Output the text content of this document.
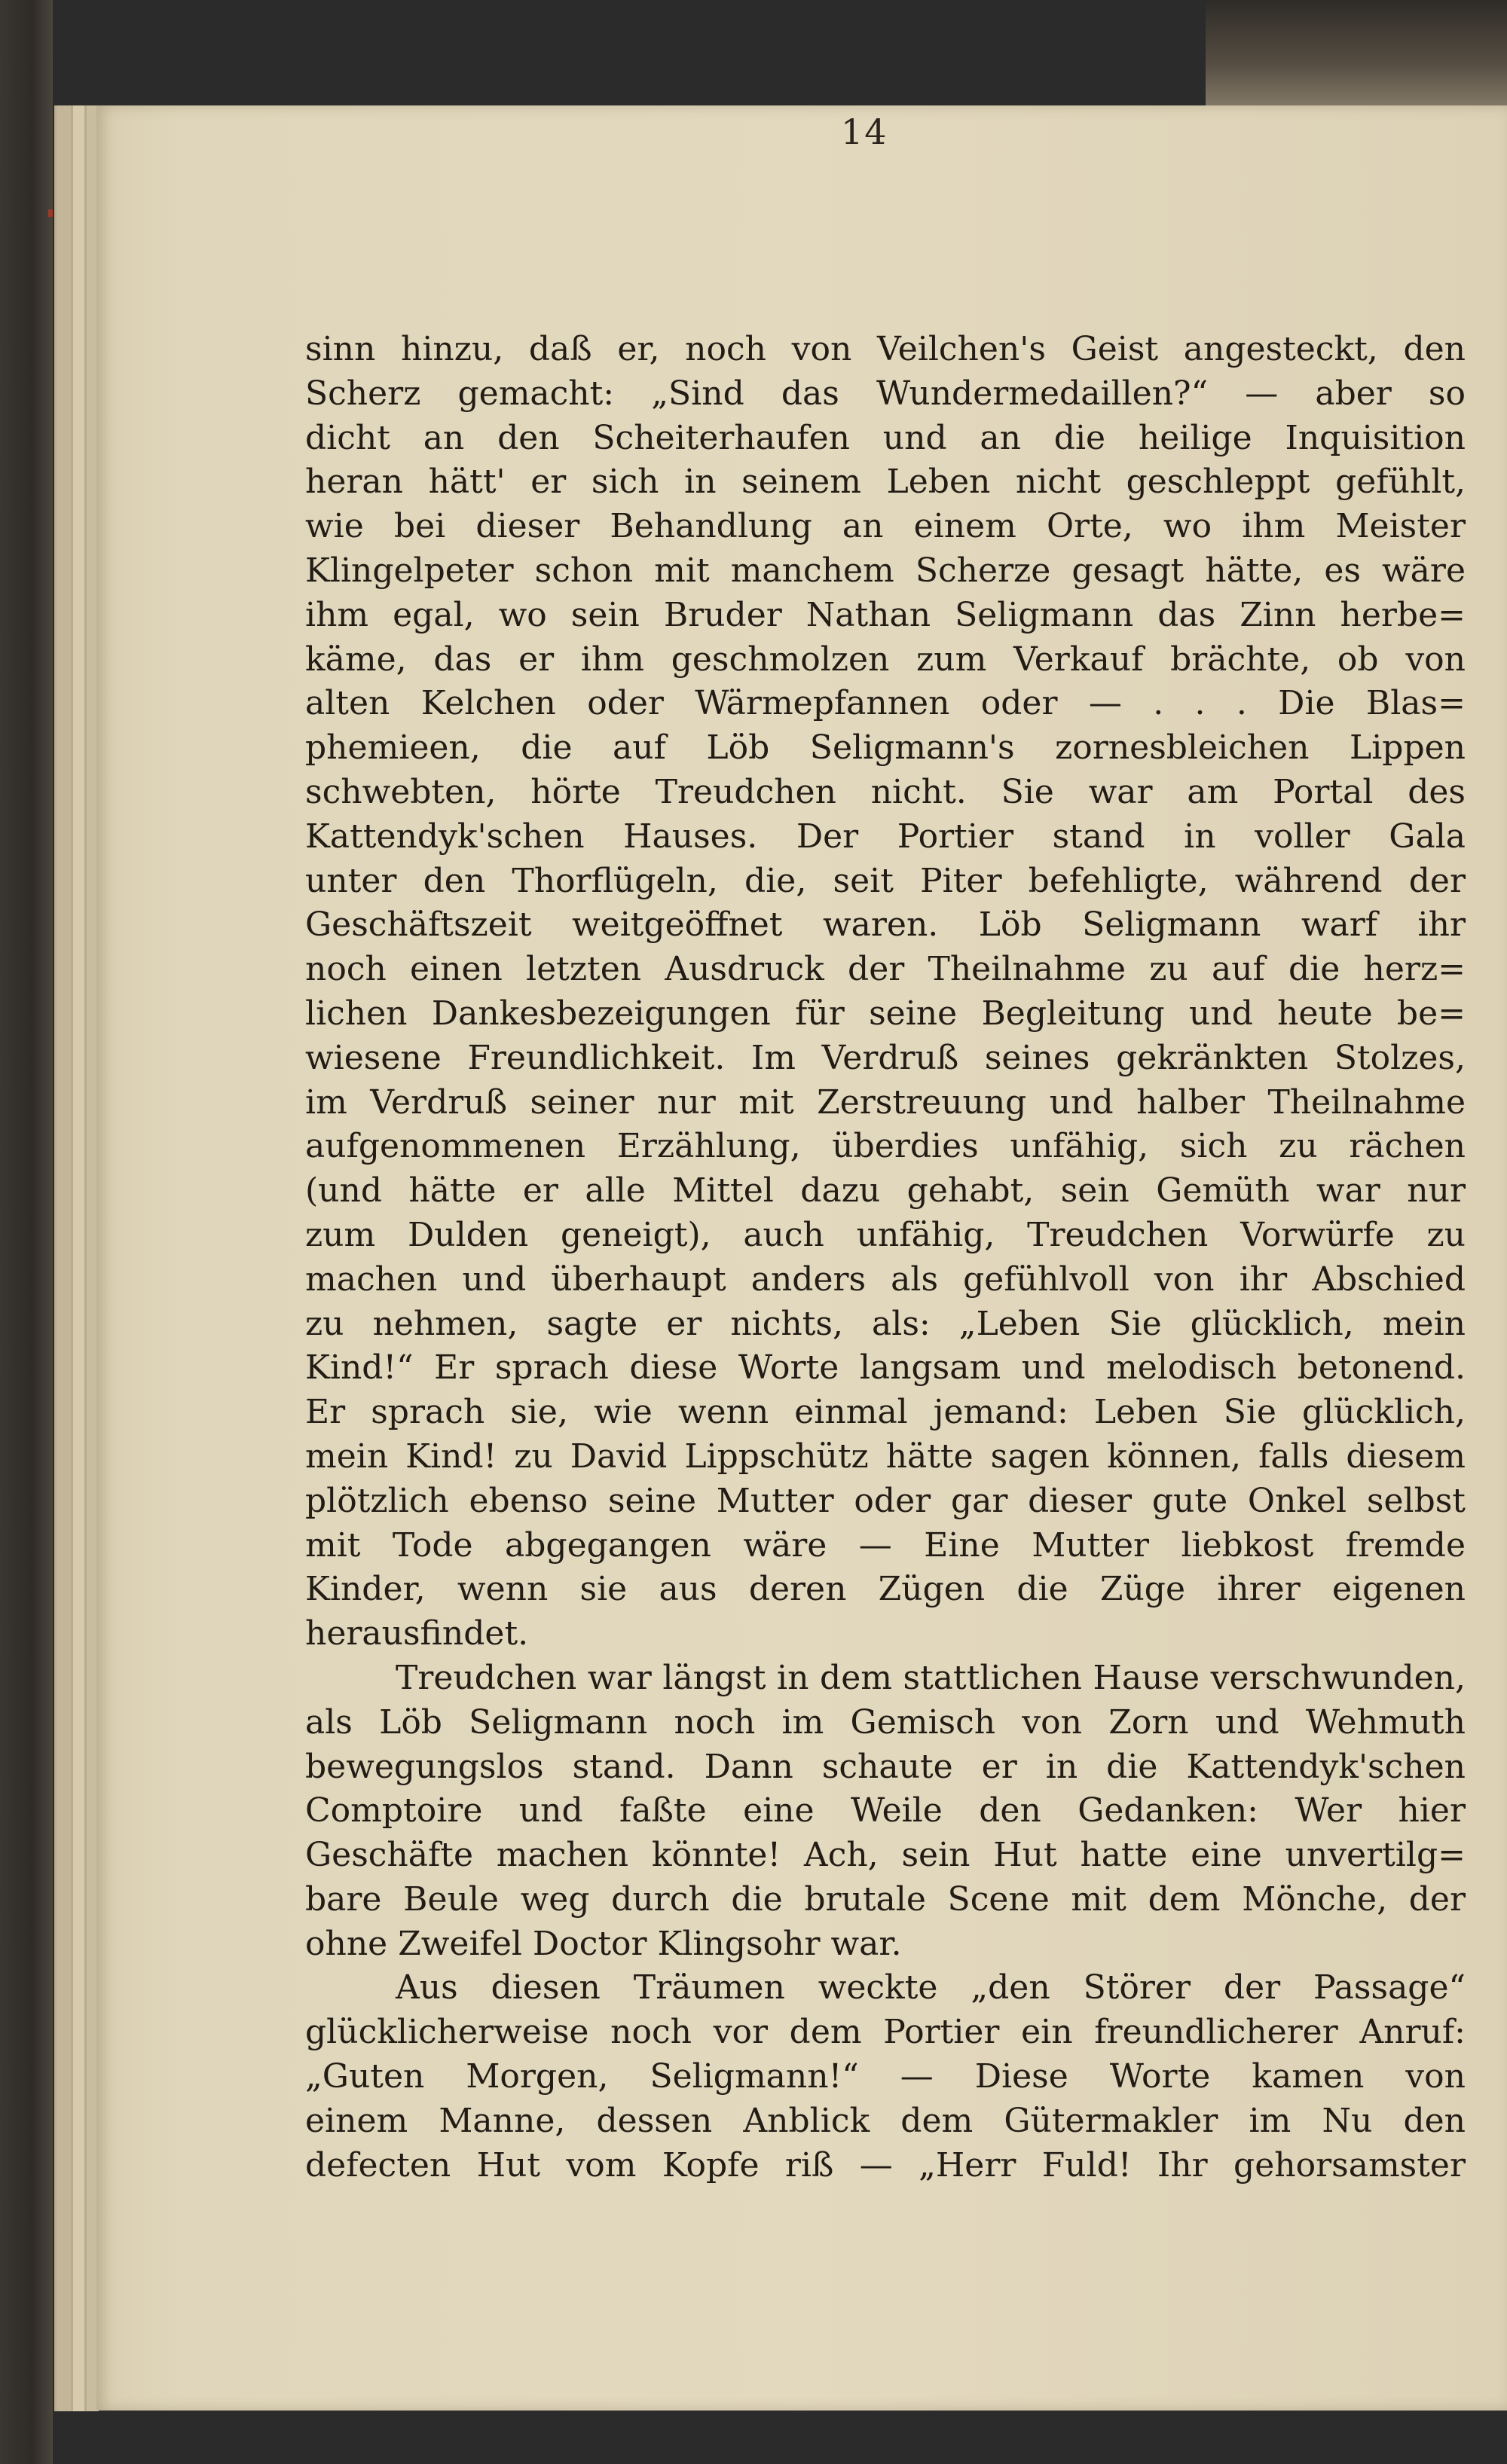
14
sinn hinzu, daß er, noch von Veilchen's Geist angesteckt, den
Scherz gemacht: „Sind das Wundermedaillen?“ — aber so
dicht an den Scheiterhaufen und an die heilige Inquisition
heran hätt' er sich in seinem Leben nicht geschleppt gefühlt,
wie bei dieser Behandlung an einem Orte, wo ihm Meister
Klingelpeter schon mit manchem Scherze gesagt hätte, es wäre
ihm egal, wo sein Bruder Nathan Seligmann das Zinn herbe=
käme, das er ihm geschmolzen zum Verkauf brächte, ob von
alten Kelchen oder Wärmepfannen oder — . . . Die Blas=
phemieen, die auf Löb Seligmann's zornesbleichen Lippen
schwebten, hörte Treudchen nicht. Sie war am Portal des
Kattendyk'schen Hauses. Der Portier stand in voller Gala
unter den Thorflügeln, die, seit Piter befehligte, während der
Geschäftszeit weitgeöffnet waren. Löb Seligmann warf ihr
noch einen letzten Ausdruck der Theilnahme zu auf die herz=
lichen Dankesbezeigungen für seine Begleitung und heute be=
wiesene Freundlichkeit. Im Verdruß seines gekränkten Stolzes,
im Verdruß seiner nur mit Zerstreuung und halber Theilnahme
aufgenommenen Erzählung, überdies unfähig, sich zu rächen
(und hätte er alle Mittel dazu gehabt, sein Gemüth war nur
zum Dulden geneigt), auch unfähig, Treudchen Vorwürfe zu
machen und überhaupt anders als gefühlvoll von ihr Abschied
zu nehmen, sagte er nichts, als: „Leben Sie glücklich, mein
Kind!“ Er sprach diese Worte langsam und melodisch betonend.
Er sprach sie, wie wenn einmal jemand: Leben Sie glücklich,
mein Kind! zu David Lippschütz hätte sagen können, falls diesem
plötzlich ebenso seine Mutter oder gar dieser gute Onkel selbst
mit Tode abgegangen wäre — Eine Mutter liebkost fremde
Kinder, wenn sie aus deren Zügen die Züge ihrer eigenen
herausfindet.
Treudchen war längst in dem stattlichen Hause verschwunden,
als Löb Seligmann noch im Gemisch von Zorn und Wehmuth
bewegungslos stand. Dann schaute er in die Kattendyk'schen
Comptoire und faßte eine Weile den Gedanken: Wer hier
Geschäfte machen könnte! Ach, sein Hut hatte eine unvertilg=
bare Beule weg durch die brutale Scene mit dem Mönche, der
ohne Zweifel Doctor Klingsohr war.
Aus diesen Träumen weckte „den Störer der Passage“
glücklicherweise noch vor dem Portier ein freundlicherer Anruf:
„Guten Morgen, Seligmann!“ — Diese Worte kamen von
einem Manne, dessen Anblick dem Gütermakler im Nu den
defecten Hut vom Kopfe riß — „Herr Fuld! Ihr gehorsamster
